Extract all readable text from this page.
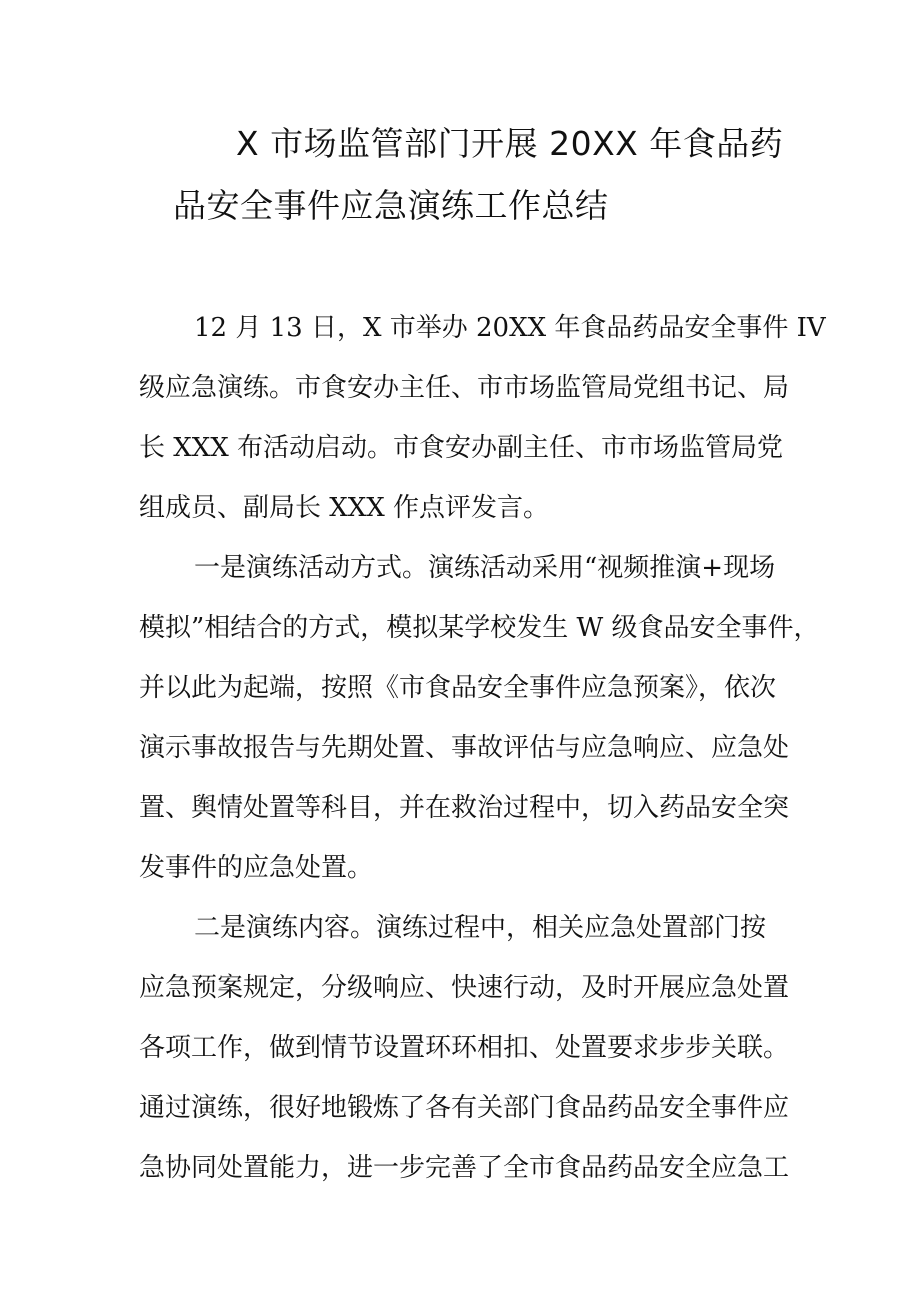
X 市场监管部门开展 20XX 年食品药
品安全事件应急演练工作总结
12 月 13 日，X 市举办 20XX 年食品药品安全事件 IV
级应急演练。市食安办主任、市市场监管局党组书记、局
长 XXX 布活动启动。市食安办副主任、市市场监管局党
组成员、副局长 XXX 作点评发言。
一是演练活动方式。演练活动采用“视频推演+现场
模拟”相结合的方式，模拟某学校发生 W 级食品安全事件，
并以此为起端，按照《市食品安全事件应急预案》，依次
演示事故报告与先期处置、事故评估与应急响应、应急处
置、舆情处置等科目，并在救治过程中，切入药品安全突
发事件的应急处置。
二是演练内容。演练过程中，相关应急处置部门按
应急预案规定，分级响应、快速行动，及时开展应急处置
各项工作，做到情节设置环环相扣、处置要求步步关联。
通过演练，很好地锻炼了各有关部门食品药品安全事件应
急协同处置能力，进一步完善了全市食品药品安全应急工
